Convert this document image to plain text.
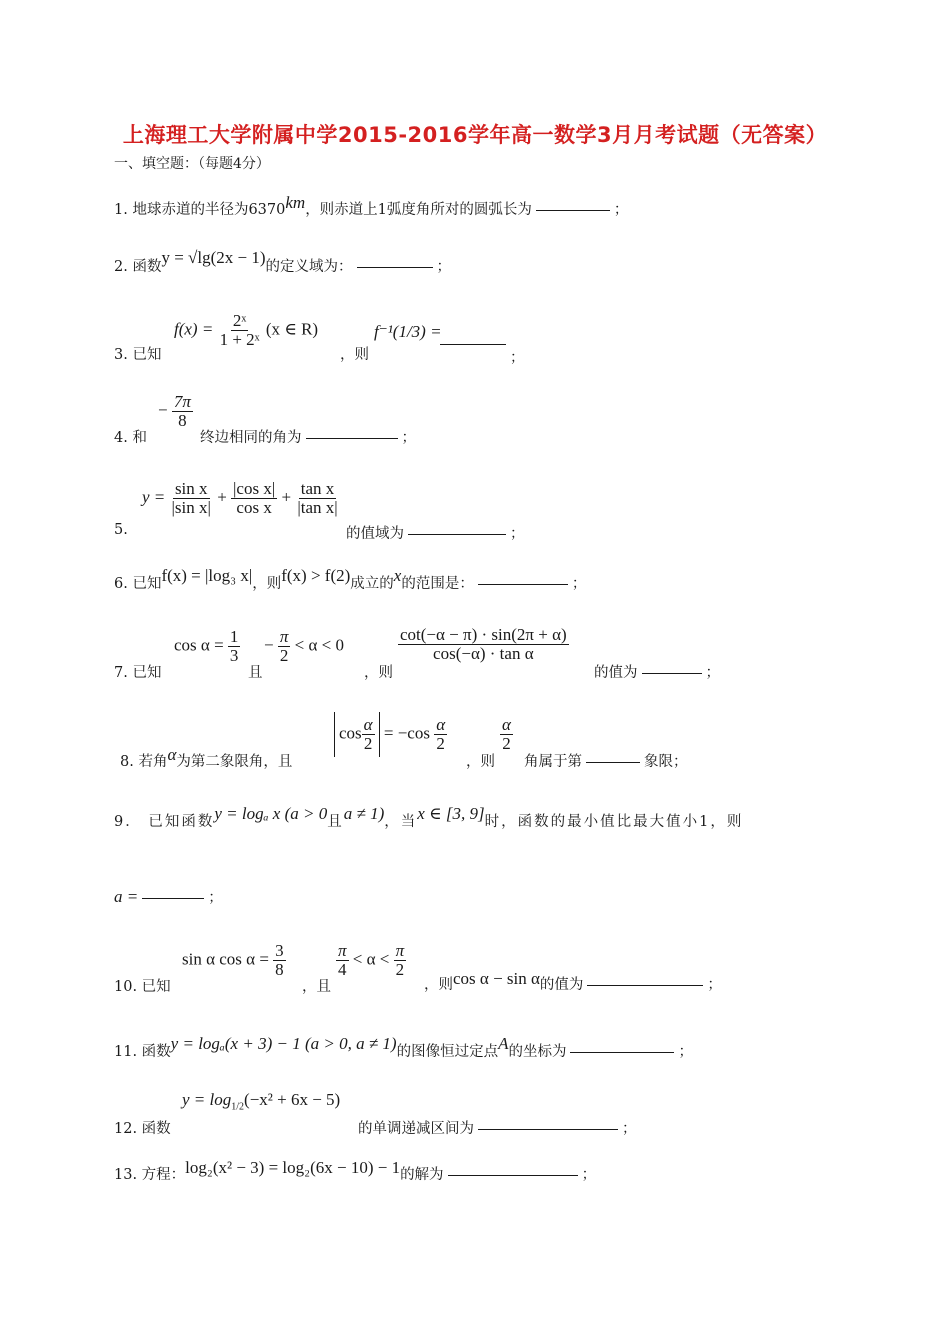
上海理工大学附属中学2015-2016学年高一数学3月月考试题（无答案）
一、填空题：（每题4分）
1. 地球赤道的半径为6370km，则赤道上1弧度角所对的圆弧长为	；
2. 函数y = √lg(2x − 1)的定义域为：	；
$f(x) = \frac{\text{2ˣ}}{\text{1 + 2ˣ}} (x$ ∈ R)	f⁻¹(1/3) =
3. 已知	，则	；
− $\frac{7\pi}{8}$
4. 和	终边相同的角为	；
$y = \frac{\text{sin x}}{\text{|sin x|}} + \frac{\text{|cos x|}}{\text{cos x}} + \frac{\text{tan x}}{\text{|tan x|}}$
5.	的值域为	；
6. 已知f(x) = |log₃ x|，则f(x) > f(2)成立的x的范围是：	；
$\cos \alpha = \frac{1}{3} - \frac{\pi}{2} < \alpha < 0$	$\frac{\cot(-\alpha - \pi) \cdot \sin(2\pi + \alpha)}{\text{cos(−α) · tan α}}$
7. 已知	且	，则	的值为	；
$\cos \frac{\alpha}{2} = -\cos \frac{\alpha}{2}$	$\frac{\alpha}{2}$
8. 若角α为第二象限角，且	，则 角属于第	象限；
9． 已知函数y = logₐ x (a > 0且a ≠ 1)，当x ∈ [3, 9]时，函数的最小值比最大值小1，则
a =	；
sin α $\cos \alpha = \frac{3}{8}$	$\frac{\pi}{4} < \alpha < \frac{\pi}{2}$
10. 已知	，且	，则cos α − sin α的值为	；
11. 函数y = logₐ(x + 3) − 1 (a > 0, a ≠ 1)的图像恒过定点A的坐标为	；
$y = \log_{1/2}(-x^2 + 6x - 5)$
12. 函数	的单调递减区间为	；
13. 方程：log₂(x² − 3) = log₂(6x − 10) − 1的解为	；
